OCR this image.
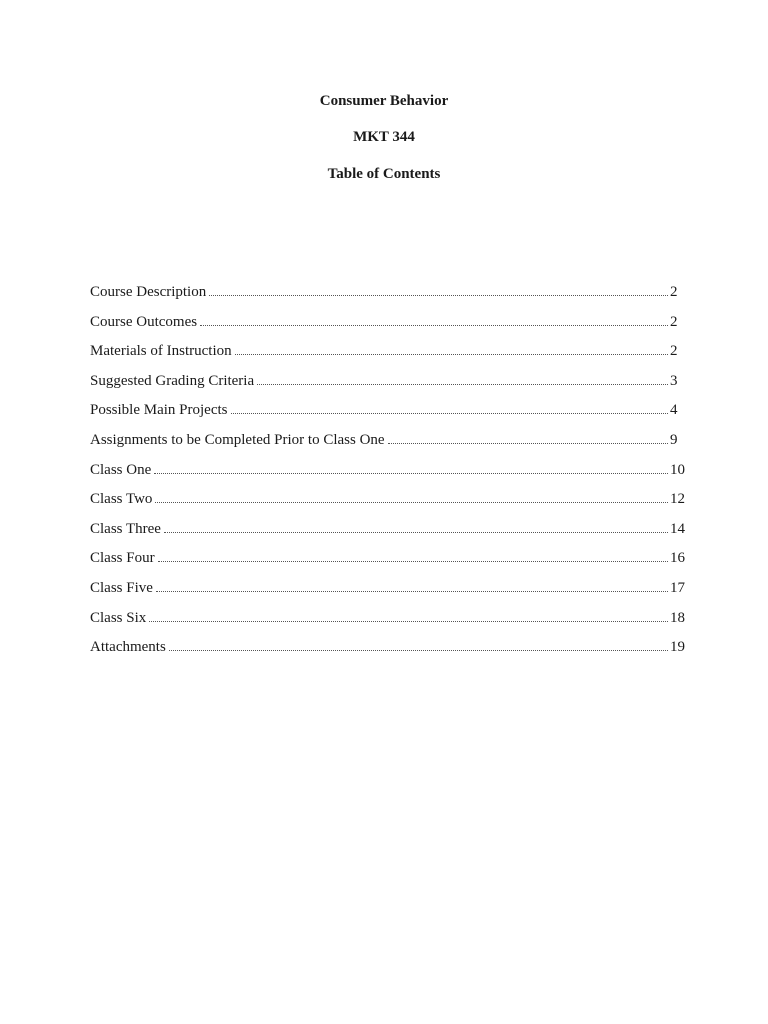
Consumer Behavior
MKT 344
Table of Contents
Course Description	2
Course Outcomes	2
Materials of Instruction	2
Suggested Grading Criteria	3
Possible Main Projects	4
Assignments to be Completed Prior to Class One	9
Class One	10
Class Two	12
Class Three	14
Class Four	16
Class Five	17
Class Six	18
Attachments	19
